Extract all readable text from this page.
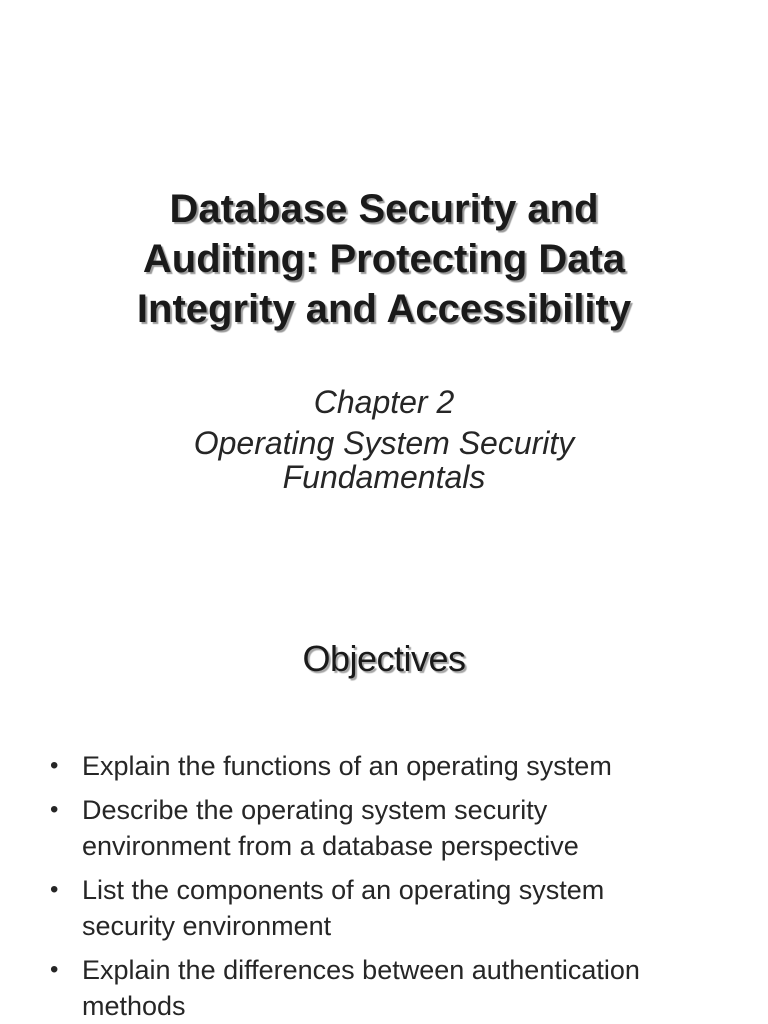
Database Security and
Auditing: Protecting Data
Integrity and Accessibility
Chapter 2
Operating System Security
Fundamentals
Objectives
• Explain the functions of an operating system
• Describe the operating system security
environment from a database perspective
• List the components of an operating system
security environment
• Explain the differences between authentication
methods
